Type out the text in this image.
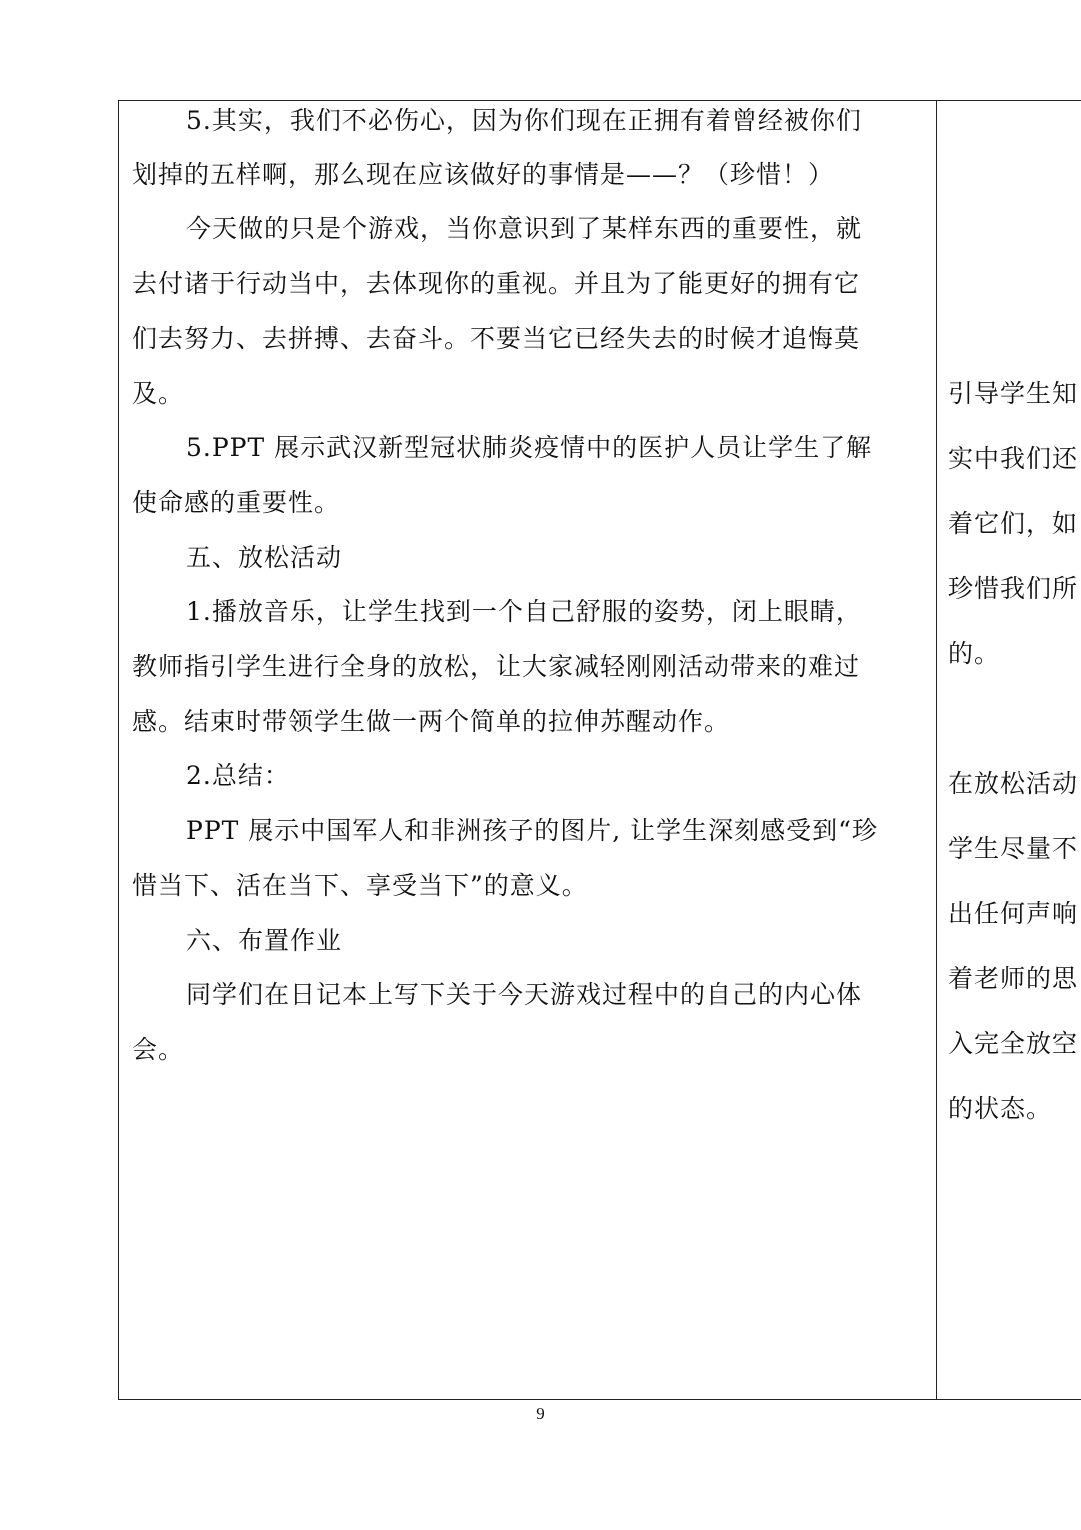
5.其实，我们不必伤心，因为你们现在正拥有着曾经被你们
划掉的五样啊，那么现在应该做好的事情是——？（珍惜！）
今天做的只是个游戏，当你意识到了某样东西的重要性，就
去付诸于行动当中，去体现你的重视。并且为了能更好的拥有它
们去努力、去拼搏、去奋斗。不要当它已经失去的时候才追悔莫
及。
5.PPT 展示武汉新型冠状肺炎疫情中的医护人员让学生了解
使命感的重要性。
五、放松活动
1.播放音乐，让学生找到一个自己舒服的姿势，闭上眼睛，
教师指引学生进行全身的放松，让大家减轻刚刚活动带来的难过
感。结束时带领学生做一两个简单的拉伸苏醒动作。
2.总结：
PPT 展示中国军人和非洲孩子的图片, 让学生深刻感受到“珍
惜当下、活在当下、享受当下”的意义。
六、布置作业
同学们在日记本上写下关于今天游戏过程中的自己的内心体
会。
引导学生知
实中我们还
着它们，如
珍惜我们所
的。
在放松活动
学生尽量不
出任何声响
着老师的思
入完全放空
的状态。
9
